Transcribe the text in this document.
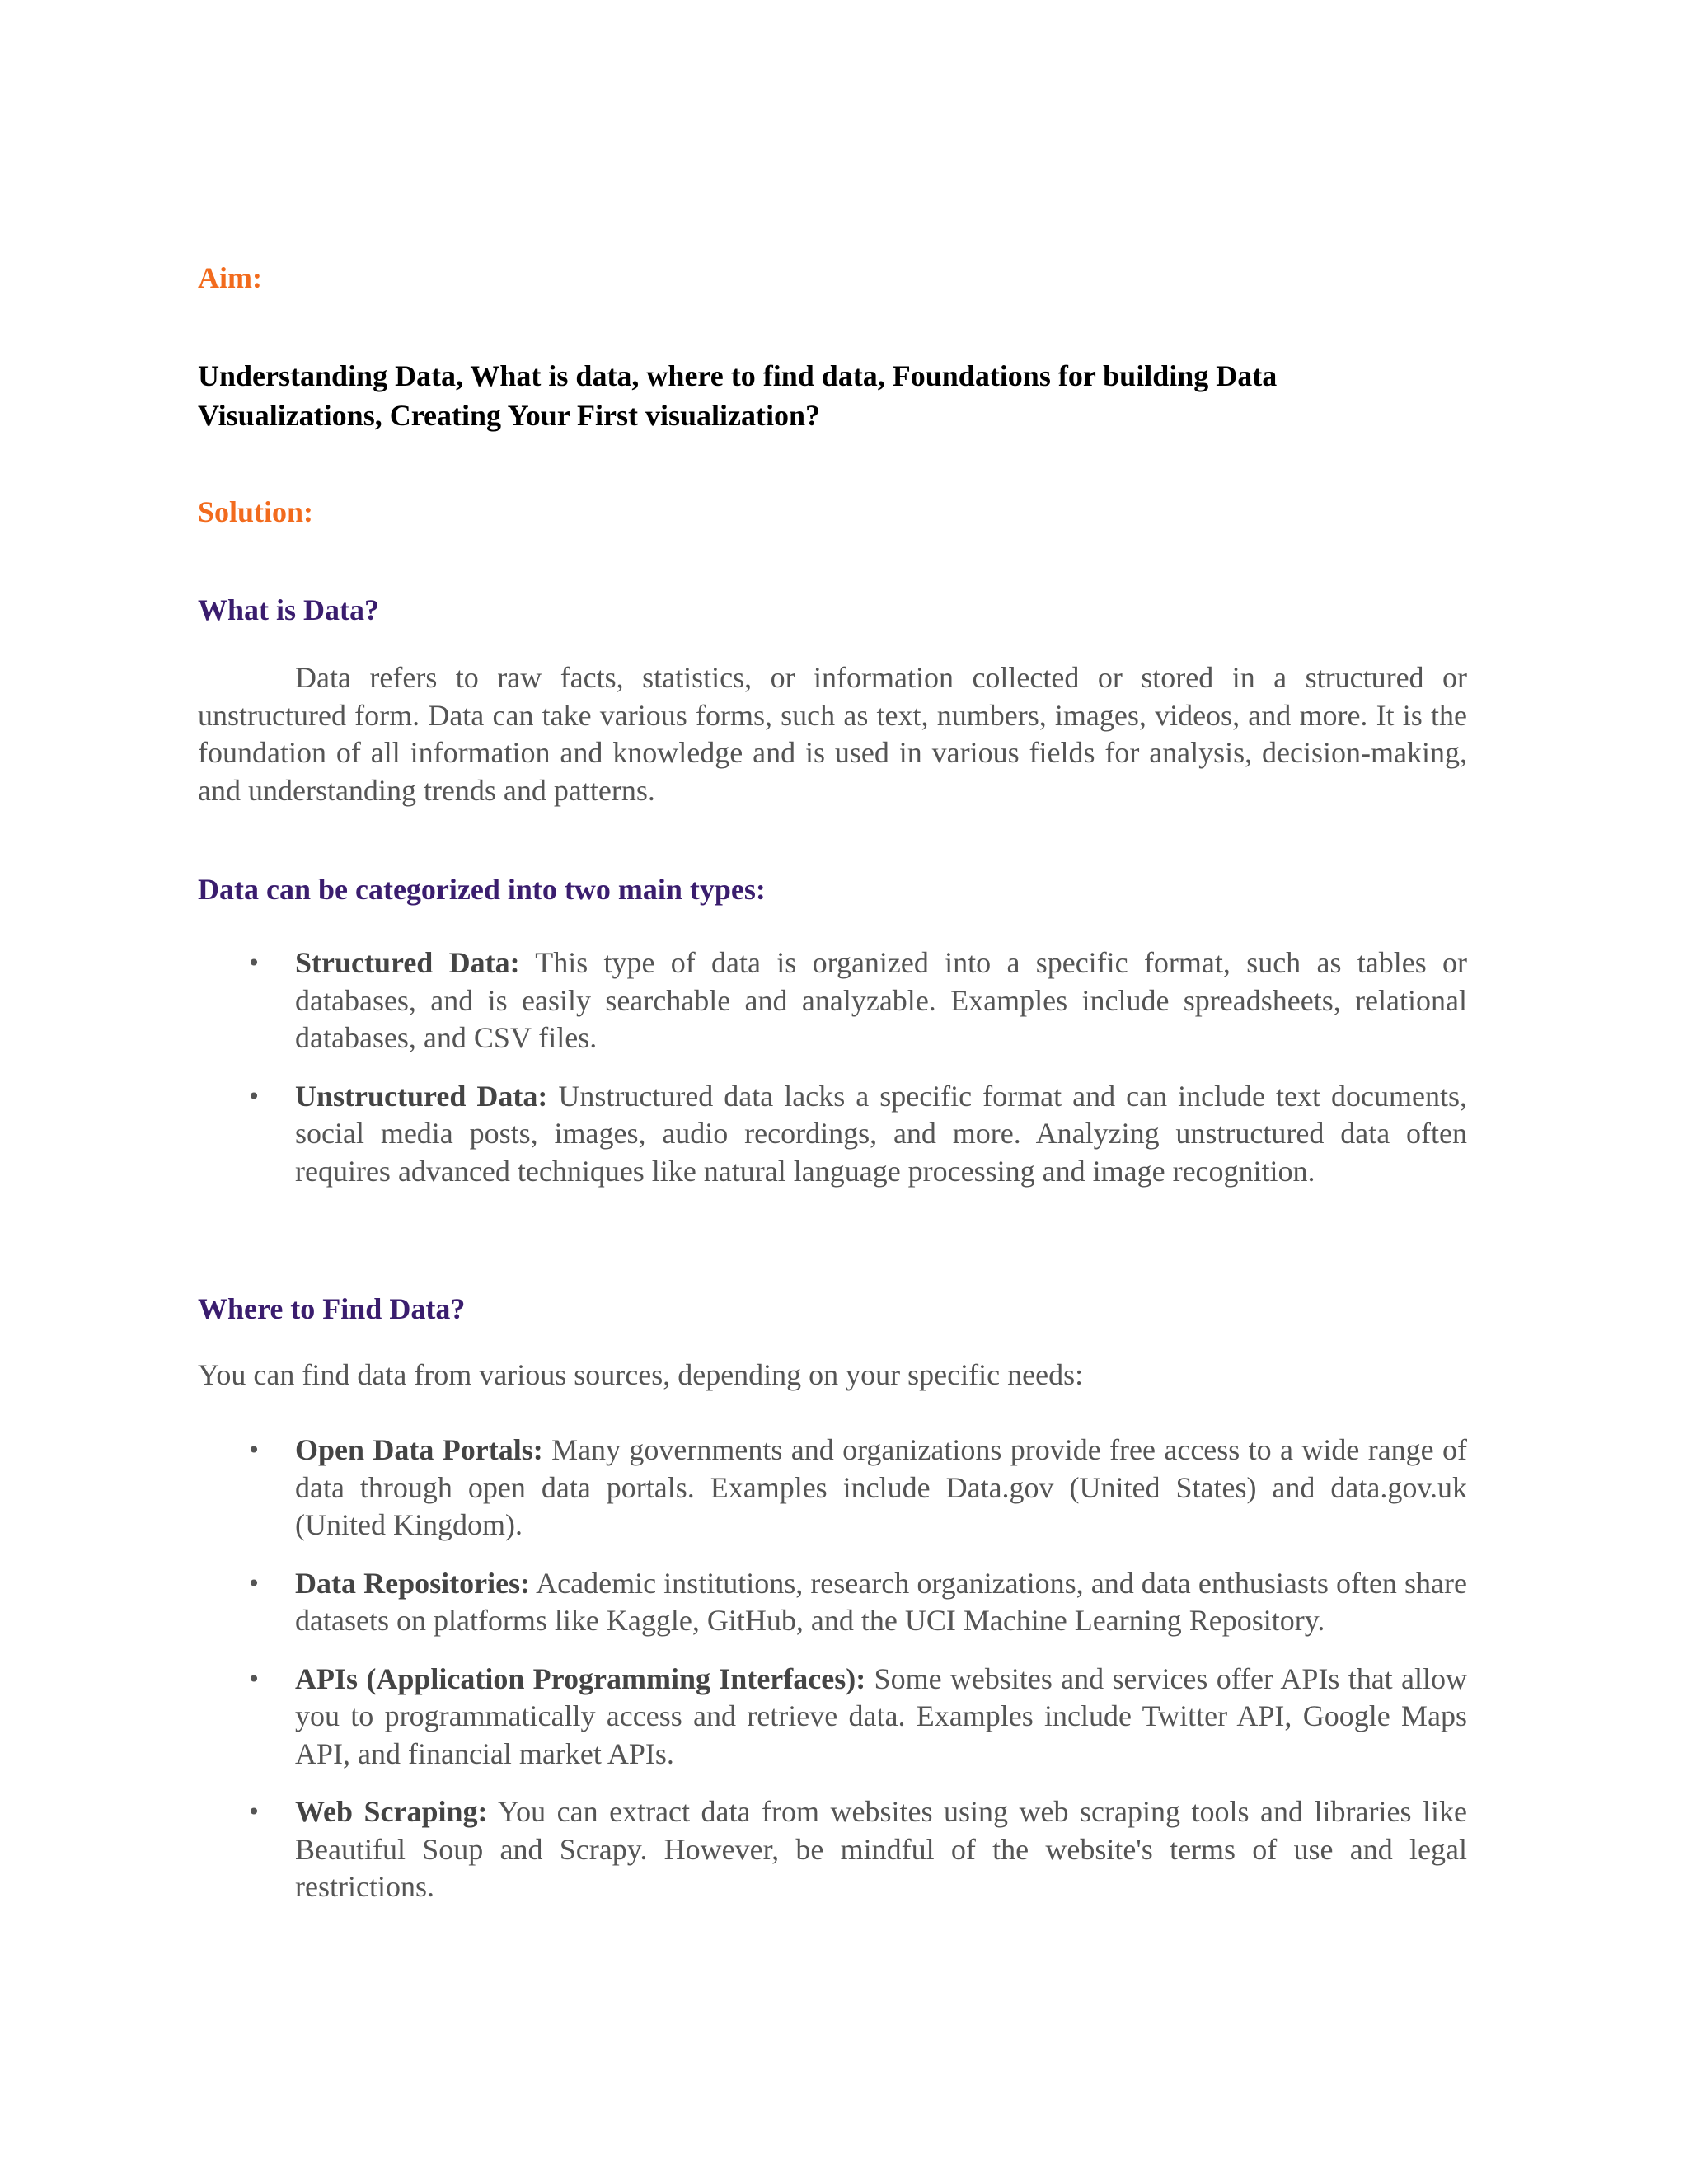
Aim:

Understanding Data, What is data, where to find data, Foundations for building Data Visualizations, Creating Your First visualization?

Solution:
What is Data?

Data refers to raw facts, statistics, or information collected or stored in a structured or unstructured form. Data can take various forms, such as text, numbers, images, videos, and more. It is the foundation of all information and knowledge and is used in various fields for analysis, decision-making, and understanding trends and patterns.

Data can be categorized into two main types:
• Structured Data: This type of data is organized into a specific format, such as tables or databases, and is easily searchable and analyzable. Examples include spreadsheets, relational databases, and CSV files.
• Unstructured Data: Unstructured data lacks a specific format and can include text documents, social media posts, images, audio recordings, and more. Analyzing unstructured data often requires advanced techniques like natural language processing and image recognition.
Where to Find Data?

You can find data from various sources, depending on your specific needs:

• Open Data Portals: Many governments and organizations provide free access to a wide range of data through open data portals. Examples include Data.gov (United States) and data.gov.uk (United Kingdom).
• Data Repositories: Academic institutions, research organizations, and data enthusiasts often share datasets on platforms like Kaggle, GitHub, and the UCI Machine Learning Repository.
• APIs (Application Programming Interfaces): Some websites and services offer APIs that allow you to programmatically access and retrieve data. Examples include Twitter API, Google Maps API, and financial market APIs.
• Web Scraping: You can extract data from websites using web scraping tools and libraries like Beautiful Soup and Scrapy. However, be mindful of the website's terms of use and legal restrictions.
